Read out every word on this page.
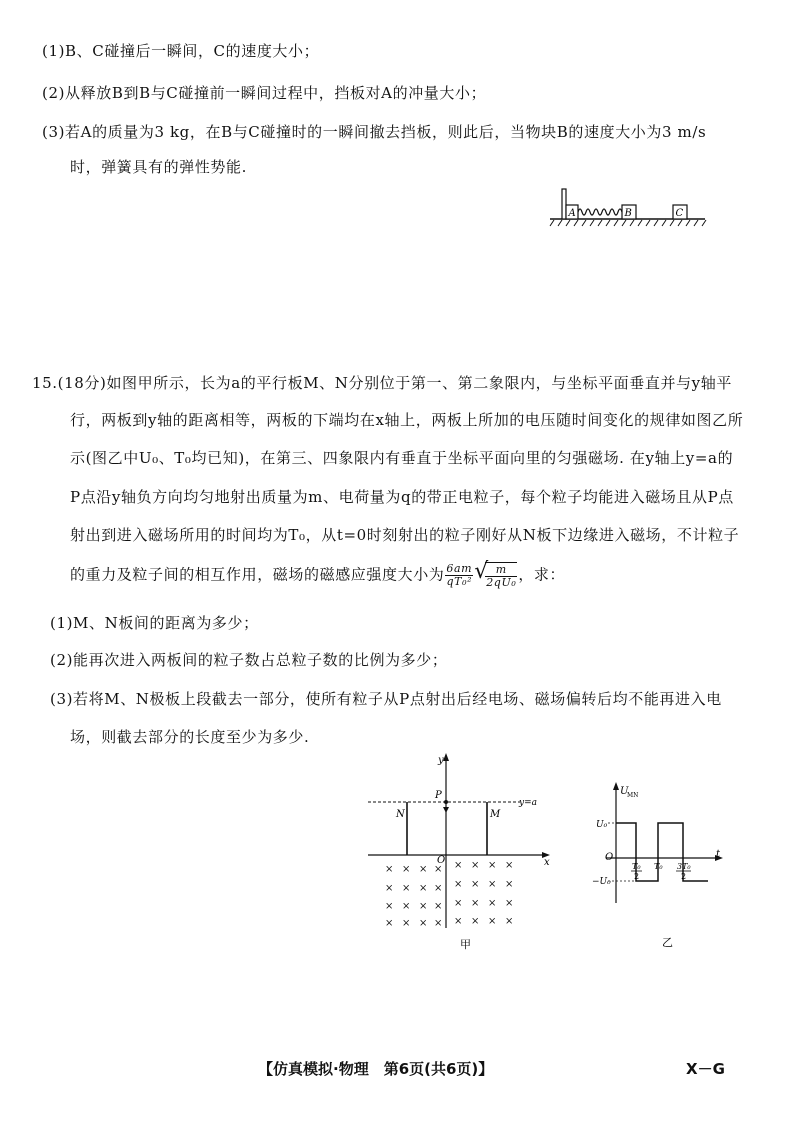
(1)B、C碰撞后一瞬间，C的速度大小；
(2)从释放B到B与C碰撞前一瞬间过程中，挡板对A的冲量大小；
(3)若A的质量为3 kg，在B与C碰撞时的一瞬间撤去挡板，则此后，当物块B的速度大小为3 m/s
时，弹簧具有的弹性势能.
A	B	C
15.(18分)如图甲所示，长为a的平行板M、N分别位于第一、第二象限内，与坐标平面垂直并与y轴平
行，两板到y轴的距离相等，两板的下端均在x轴上，两板上所加的电压随时间变化的规律如图乙所
示(图乙中U₀、T₀均已知)，在第三、四象限内有垂直于坐标平面向里的匀强磁场. 在y轴上y=a的
P点沿y轴负方向均匀地射出质量为m、电荷量为q的带正电粒子，每个粒子均能进入磁场且从P点
射出到进入磁场所用的时间均为T₀，从t=0时刻射出的粒子刚好从N板下边缘进入磁场，不计粒子
的重力及粒子间的相互作用，磁场的磁感应强度大小为 $\frac{6am}{\text{qT₀²}}$ √
$\frac{m}{\text{2qU₀}}$ ，求：
(1)M、N板间的距离为多少；
(2)能再次进入两板间的粒子数占总粒子数的比例为多少；
(3)若将M、N极板上段截去一部分，使所有粒子从P点射出后经电场、磁场偏转后均不能再进入电
场，则截去部分的长度至少为多少.
y
x
O
y=a
P
N	M
× × × × × × × ×
× × × × × × × ×
× × × × × × × ×
× × × × × × × ×
甲
U
MN
t
O
U₀
−U₀
T₀
2
T₀ 3T₀
2
乙
【仿真模拟·物理　第6页(共6页)】	X－G
